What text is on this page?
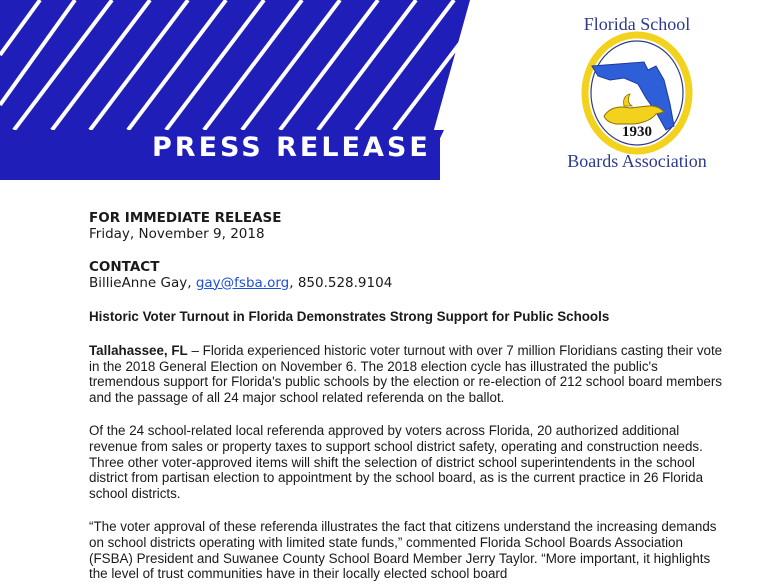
PRESS RELEASE
Florida School
1930
Boards Association
FOR IMMEDIATE RELEASE
Friday, November 9, 2018
CONTACT
BillieAnne Gay, gay@fsba.org, 850.528.9104
Historic Voter Turnout in Florida Demonstrates Strong Support for Public Schools

Tallahassee, FL – Florida experienced historic voter turnout with over 7 million Floridians casting their vote in the 2018 General Election on November 6. The 2018 election cycle has illustrated the public's tremendous support for Florida's public schools by the election or re-election of 212 school board members and the passage of all 24 major school related referenda on the ballot.

Of the 24 school-related local referenda approved by voters across Florida, 20 authorized additional revenue from sales or property taxes to support school district safety, operating and construction needs. Three other voter-approved items will shift the selection of district school superintendents in the school district from partisan election to appointment by the school board, as is the current practice in 26 Florida school districts.

“The voter approval of these referenda illustrates the fact that citizens understand the increasing demands on school districts operating with limited state funds,” commented Florida School Boards Association (FSBA) President and Suwanee County School Board Member Jerry Taylor. “More important, it highlights the level of trust communities have in their locally elected school board
